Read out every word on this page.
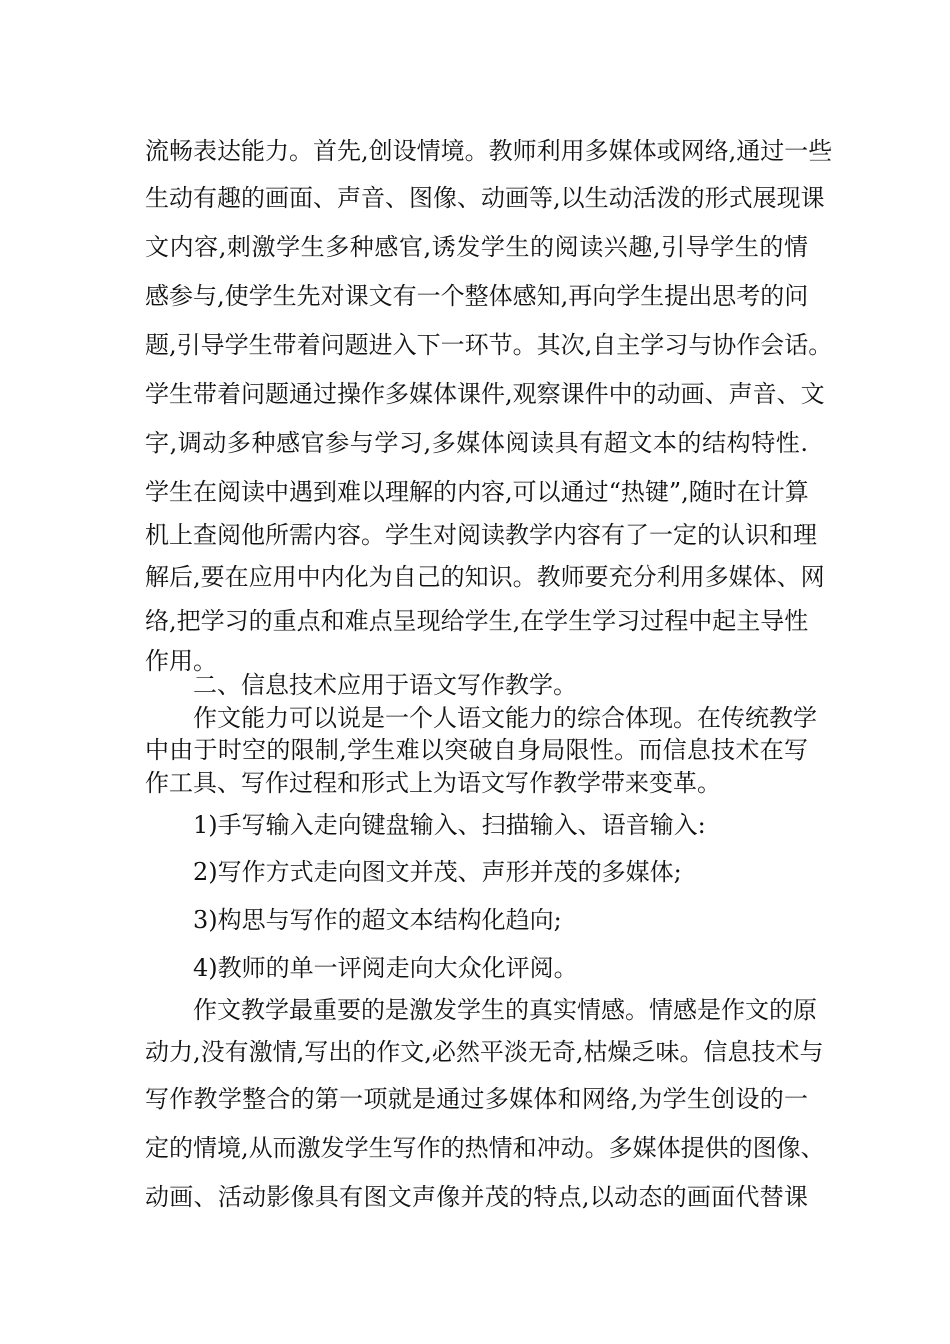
流畅表达能力。首先,创设情境。教师利用多媒体或网络,通过一些
生动有趣的画面、声音、图像、动画等,以生动活泼的形式展现课
文内容,刺激学生多种感官,诱发学生的阅读兴趣,引导学生的情
感参与,使学生先对课文有一个整体感知,再向学生提出思考的问
题,引导学生带着问题进入下一环节。其次,自主学习与协作会话。
学生带着问题通过操作多媒体课件,观察课件中的动画、声音、文
字,调动多种感官参与学习,多媒体阅读具有超文本的结构特性.
学生在阅读中遇到难以理解的内容,可以通过“热键”,随时在计算
机上查阅他所需内容。学生对阅读教学内容有了一定的认识和理
解后,要在应用中内化为自己的知识。教师要充分利用多媒体、网
络,把学习的重点和难点呈现给学生,在学生学习过程中起主导性
作用。
二、信息技术应用于语文写作教学。
作文能力可以说是一个人语文能力的综合体现。在传统教学
中由于时空的限制,学生难以突破自身局限性。而信息技术在写
作工具、写作过程和形式上为语文写作教学带来变革。
1)手写输入走向键盘输入、扫描输入、语音输入:
2)写作方式走向图文并茂、声形并茂的多媒体;
3)构思与写作的超文本结构化趋向;
4)教师的单一评阅走向大众化评阅。
作文教学最重要的是激发学生的真实情感。情感是作文的原
动力,没有激情,写出的作文,必然平淡无奇,枯燥乏味。信息技术与
写作教学整合的第一项就是通过多媒体和网络,为学生创设的一
定的情境,从而激发学生写作的热情和冲动。多媒体提供的图像、
动画、活动影像具有图文声像并茂的特点,以动态的画面代替课
